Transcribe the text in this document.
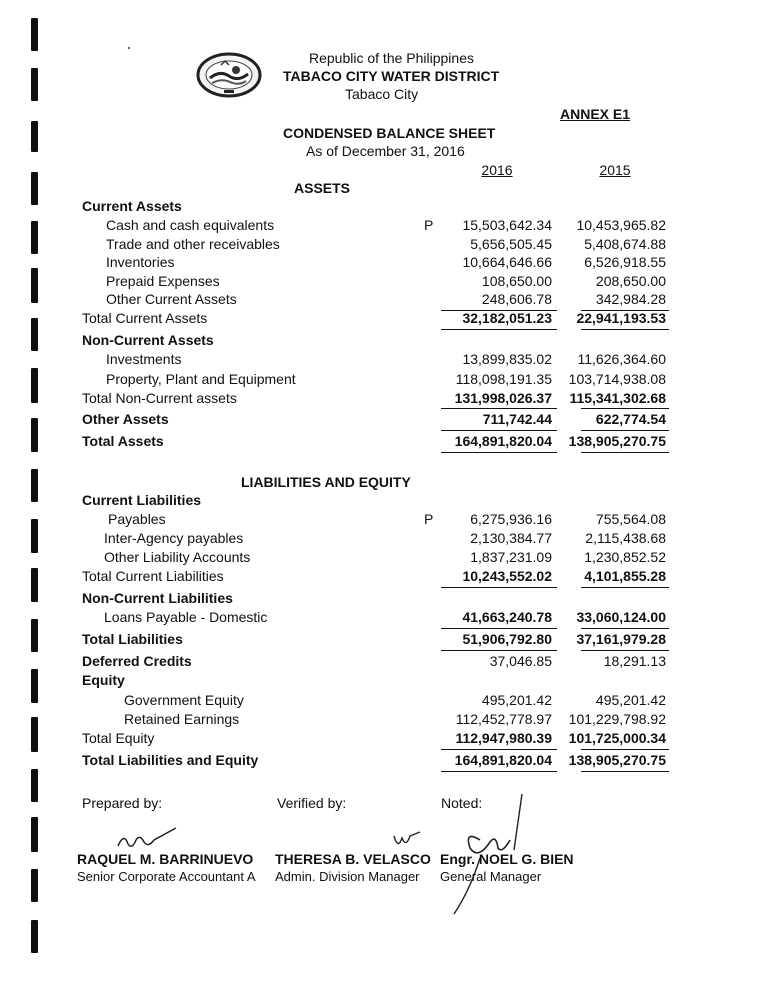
Republic of the Philippines
TABACO CITY WATER DISTRICT
Tabaco City
ANNEX E1
CONDENSED BALANCE SHEET
As of December 31, 2016
2016	2015
ASSETS
Current Assets
Cash and cash equivalents	P 15,503,642.34 10,453,965.82
Trade and other receivables	5,656,505.45 5,408,674.88
Inventories	10,664,646.66 6,526,918.55
Prepaid Expenses	108,650.00	208,650.00
Other Current Assets	248,606.78	342,984.28
Total Current Assets	32,182,051.23 22,941,193.53
Non-Current Assets
Investments	13,899,835.02 11,626,364.60
Property, Plant and Equipment	118,098,191.35 103,714,938.08
Total Non-Current assets	131,998,026.37 115,341,302.68
Other Assets	711,742.44	622,774.54
Total Assets	164,891,820.04 138,905,270.75
LIABILITIES AND EQUITY
Current Liabilities
Payables	P	6,275,936.16	755,564.08
Inter-Agency payables	2,130,384.77 2,115,438.68
Other Liability Accounts	1,837,231.09 1,230,852.52
Total Current Liabilities	10,243,552.02 4,101,855.28
Non-Current Liabilities
Loans Payable - Domestic	41,663,240.78 33,060,124.00
Total Liabilities	51,906,792.80 37,161,979.28
Deferred Credits	37,046.85	18,291.13
Equity
Government Equity	495,201.42	495,201.42
Retained Earnings	112,452,778.97 101,229,798.92
Total Equity	112,947,980.39 101,725,000.34
Total Liabilities and Equity	164,891,820.04 138,905,270.75
Prepared by:	Verified by:	Noted:
RAQUEL M. BARRINUEVO
Senior Corporate Accountant A
THERESA B. VELASCO
Admin. Division Manager
Engr. NOEL G. BIEN
General Manager
